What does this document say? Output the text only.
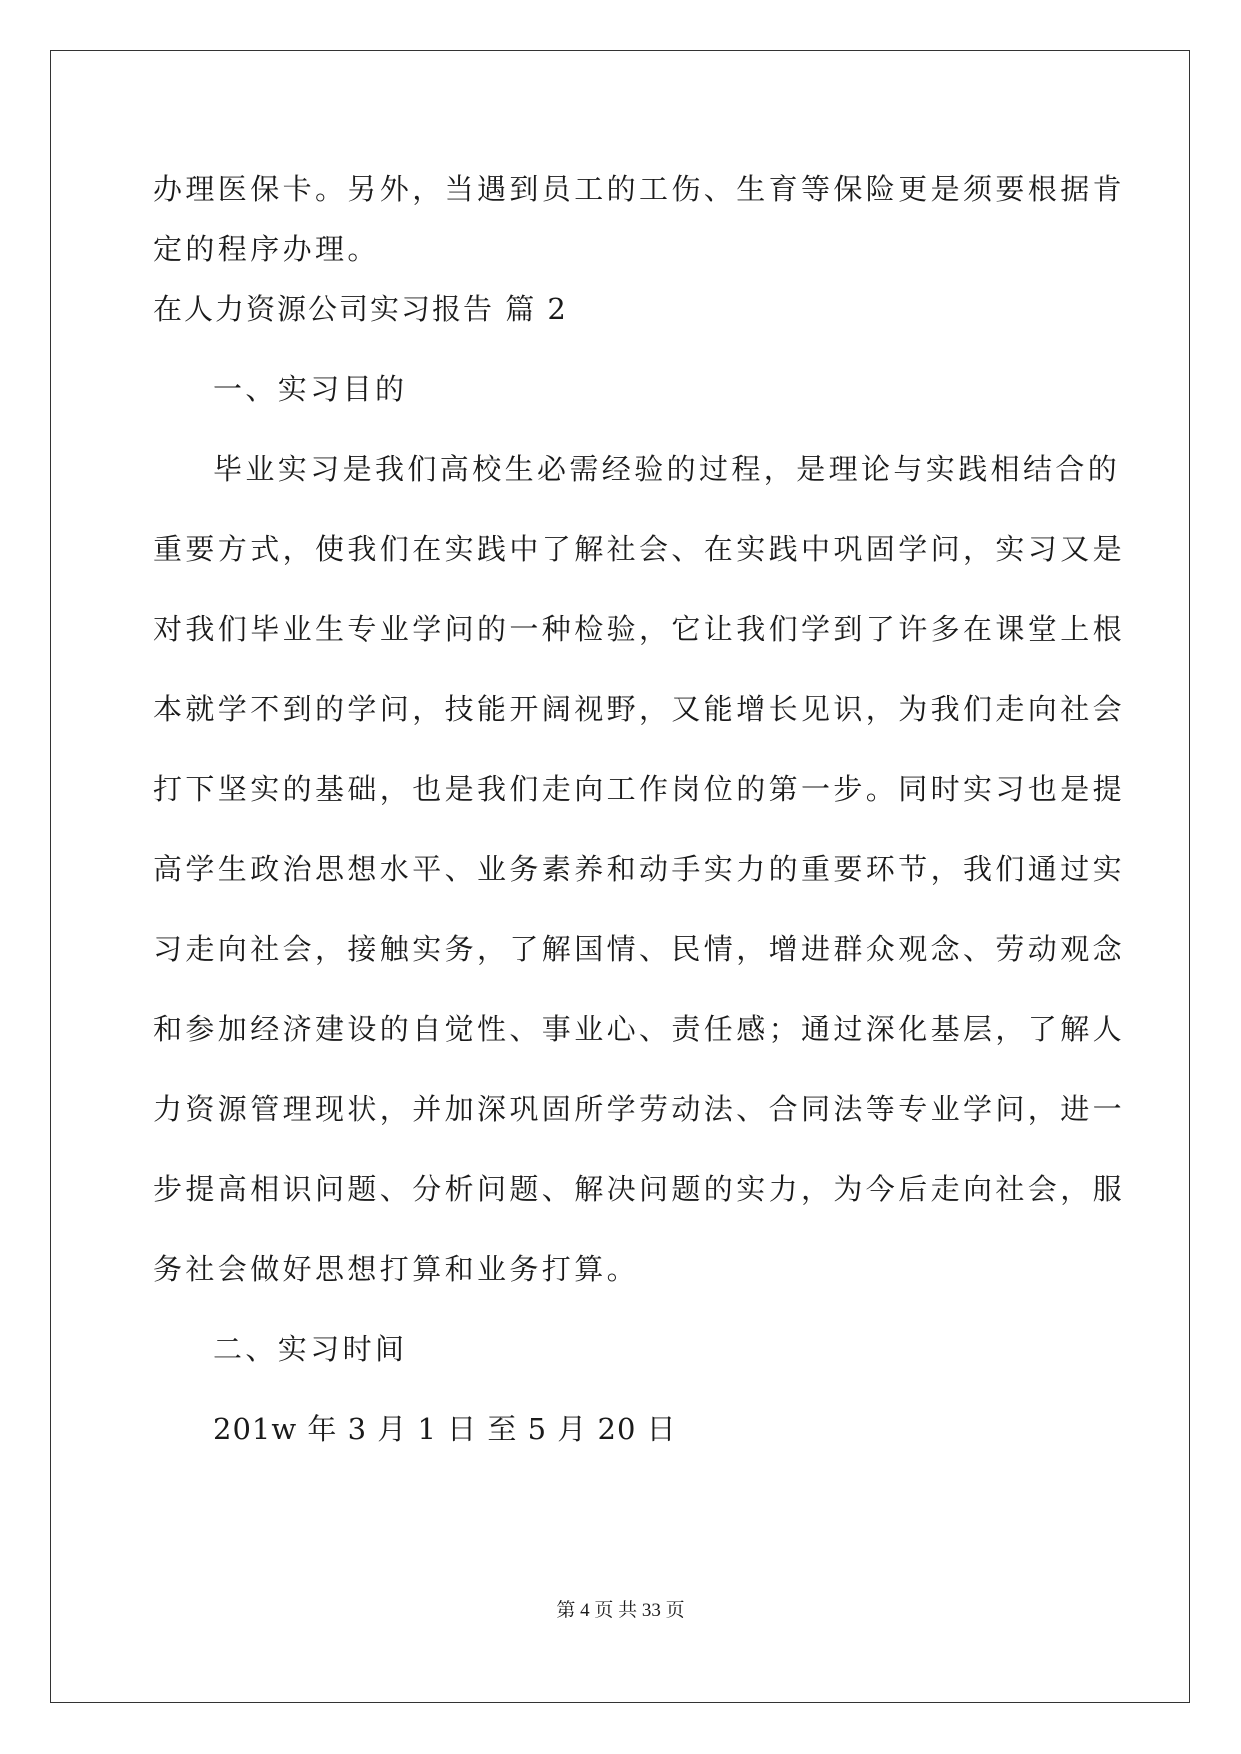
办理医保卡。另外，当遇到员工的工伤、生育等保险更是须要根据肯
定的程序办理。
在人力资源公司实习报告 篇 2
一、实习目的
毕业实习是我们高校生必需经验的过程，是理论与实践相结合的
重要方式，使我们在实践中了解社会、在实践中巩固学问，实习又是
对我们毕业生专业学问的一种检验，它让我们学到了许多在课堂上根
本就学不到的学问，技能开阔视野，又能增长见识，为我们走向社会
打下坚实的基础，也是我们走向工作岗位的第一步。同时实习也是提
高学生政治思想水平、业务素养和动手实力的重要环节，我们通过实
习走向社会，接触实务，了解国情、民情，增进群众观念、劳动观念
和参加经济建设的自觉性、事业心、责任感；通过深化基层，了解人
力资源管理现状，并加深巩固所学劳动法、合同法等专业学问，进一
步提高相识问题、分析问题、解决问题的实力，为今后走向社会，服
务社会做好思想打算和业务打算。
二、实习时间
201w 年 3 月 1 日 至 5 月 20 日
第 4 页 共 33 页
